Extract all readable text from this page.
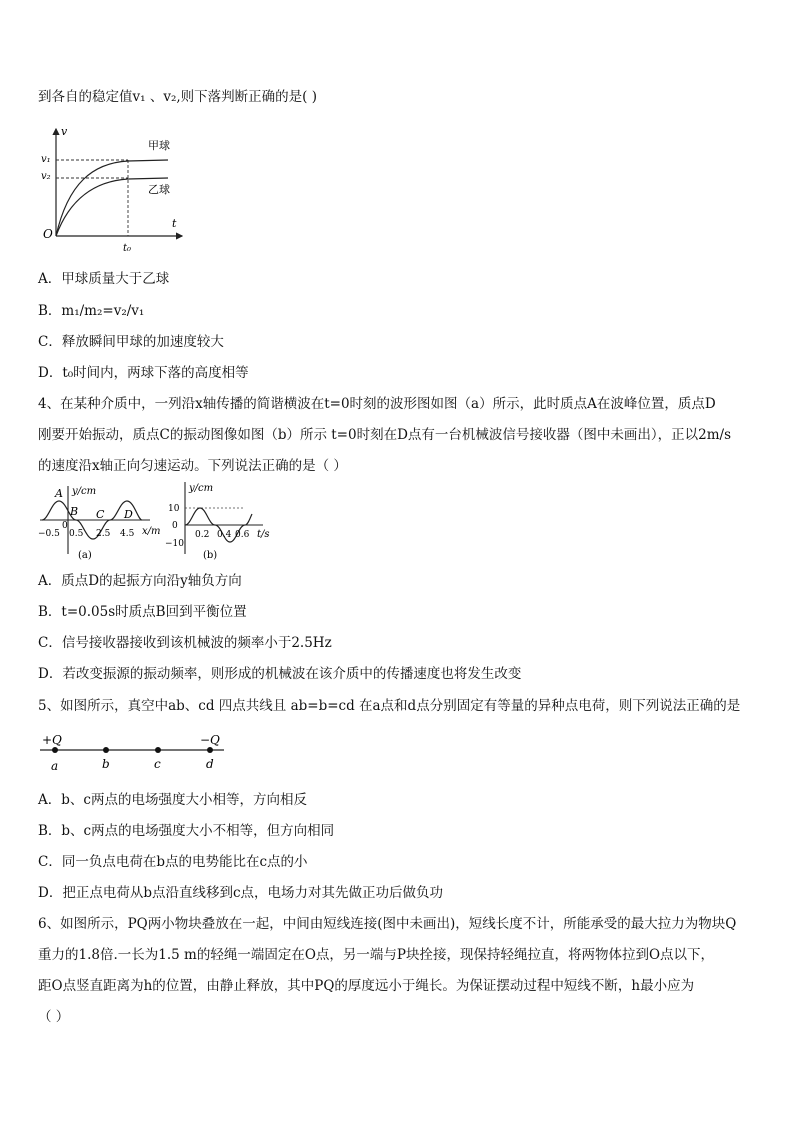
到各自的稳定值v₁ 、v₂,则下落判断正确的是( )
v
t
O
v₁
v₂
甲球
乙球
t₀
A．甲球质量大于乙球
B．m₁/m₂=v₂/v₁
C．释放瞬间甲球的加速度较大
D．t₀时间内，两球下落的高度相等
4、在某种介质中，一列沿x轴传播的简谐横波在t=0时刻的波形图如图（a）所示，此时质点A在波峰位置，质点D
刚要开始振动，质点C的振动图像如图（b）所示 t=0时刻在D点有一台机械波信号接收器（图中未画出），正以2m/s
的速度沿x轴正向匀速运动。下列说法正确的是（ ）
y/cm
x/m
A
B C D
−0.5
0
0.5 2.5 4.5
(a)
y/cm
t/s
10
0
−10
0.2 0.4 0.6
(b)
A．质点D的起振方向沿y轴负方向
B．t=0.05s时质点B回到平衡位置
C．信号接收器接收到该机械波的频率小于2.5Hz
D．若改变振源的振动频率，则形成的机械波在该介质中的传播速度也将发生改变
5、如图所示，真空中ab、cd 四点共线且 ab=b=cd 在a点和d点分别固定有等量的异种点电荷，则下列说法正确的是
+Q	−Q
a	b	c	d
A．b、c两点的电场强度大小相等，方向相反
B．b、c两点的电场强度大小不相等，但方向相同
C．同一负点电荷在b点的电势能比在c点的小
D．把正点电荷从b点沿直线移到c点，电场力对其先做正功后做负功
6、如图所示，PQ两小物块叠放在一起，中间由短线连接(图中未画出)，短线长度不计，所能承受的最大拉力为物块Q
重力的1.8倍.一长为1.5 m的轻绳一端固定在O点，另一端与P块拴接，现保持轻绳拉直，将两物体拉到O点以下，
距O点竖直距离为h的位置，由静止释放，其中PQ的厚度远小于绳长。为保证摆动过程中短线不断，h最小应为
（ ）
